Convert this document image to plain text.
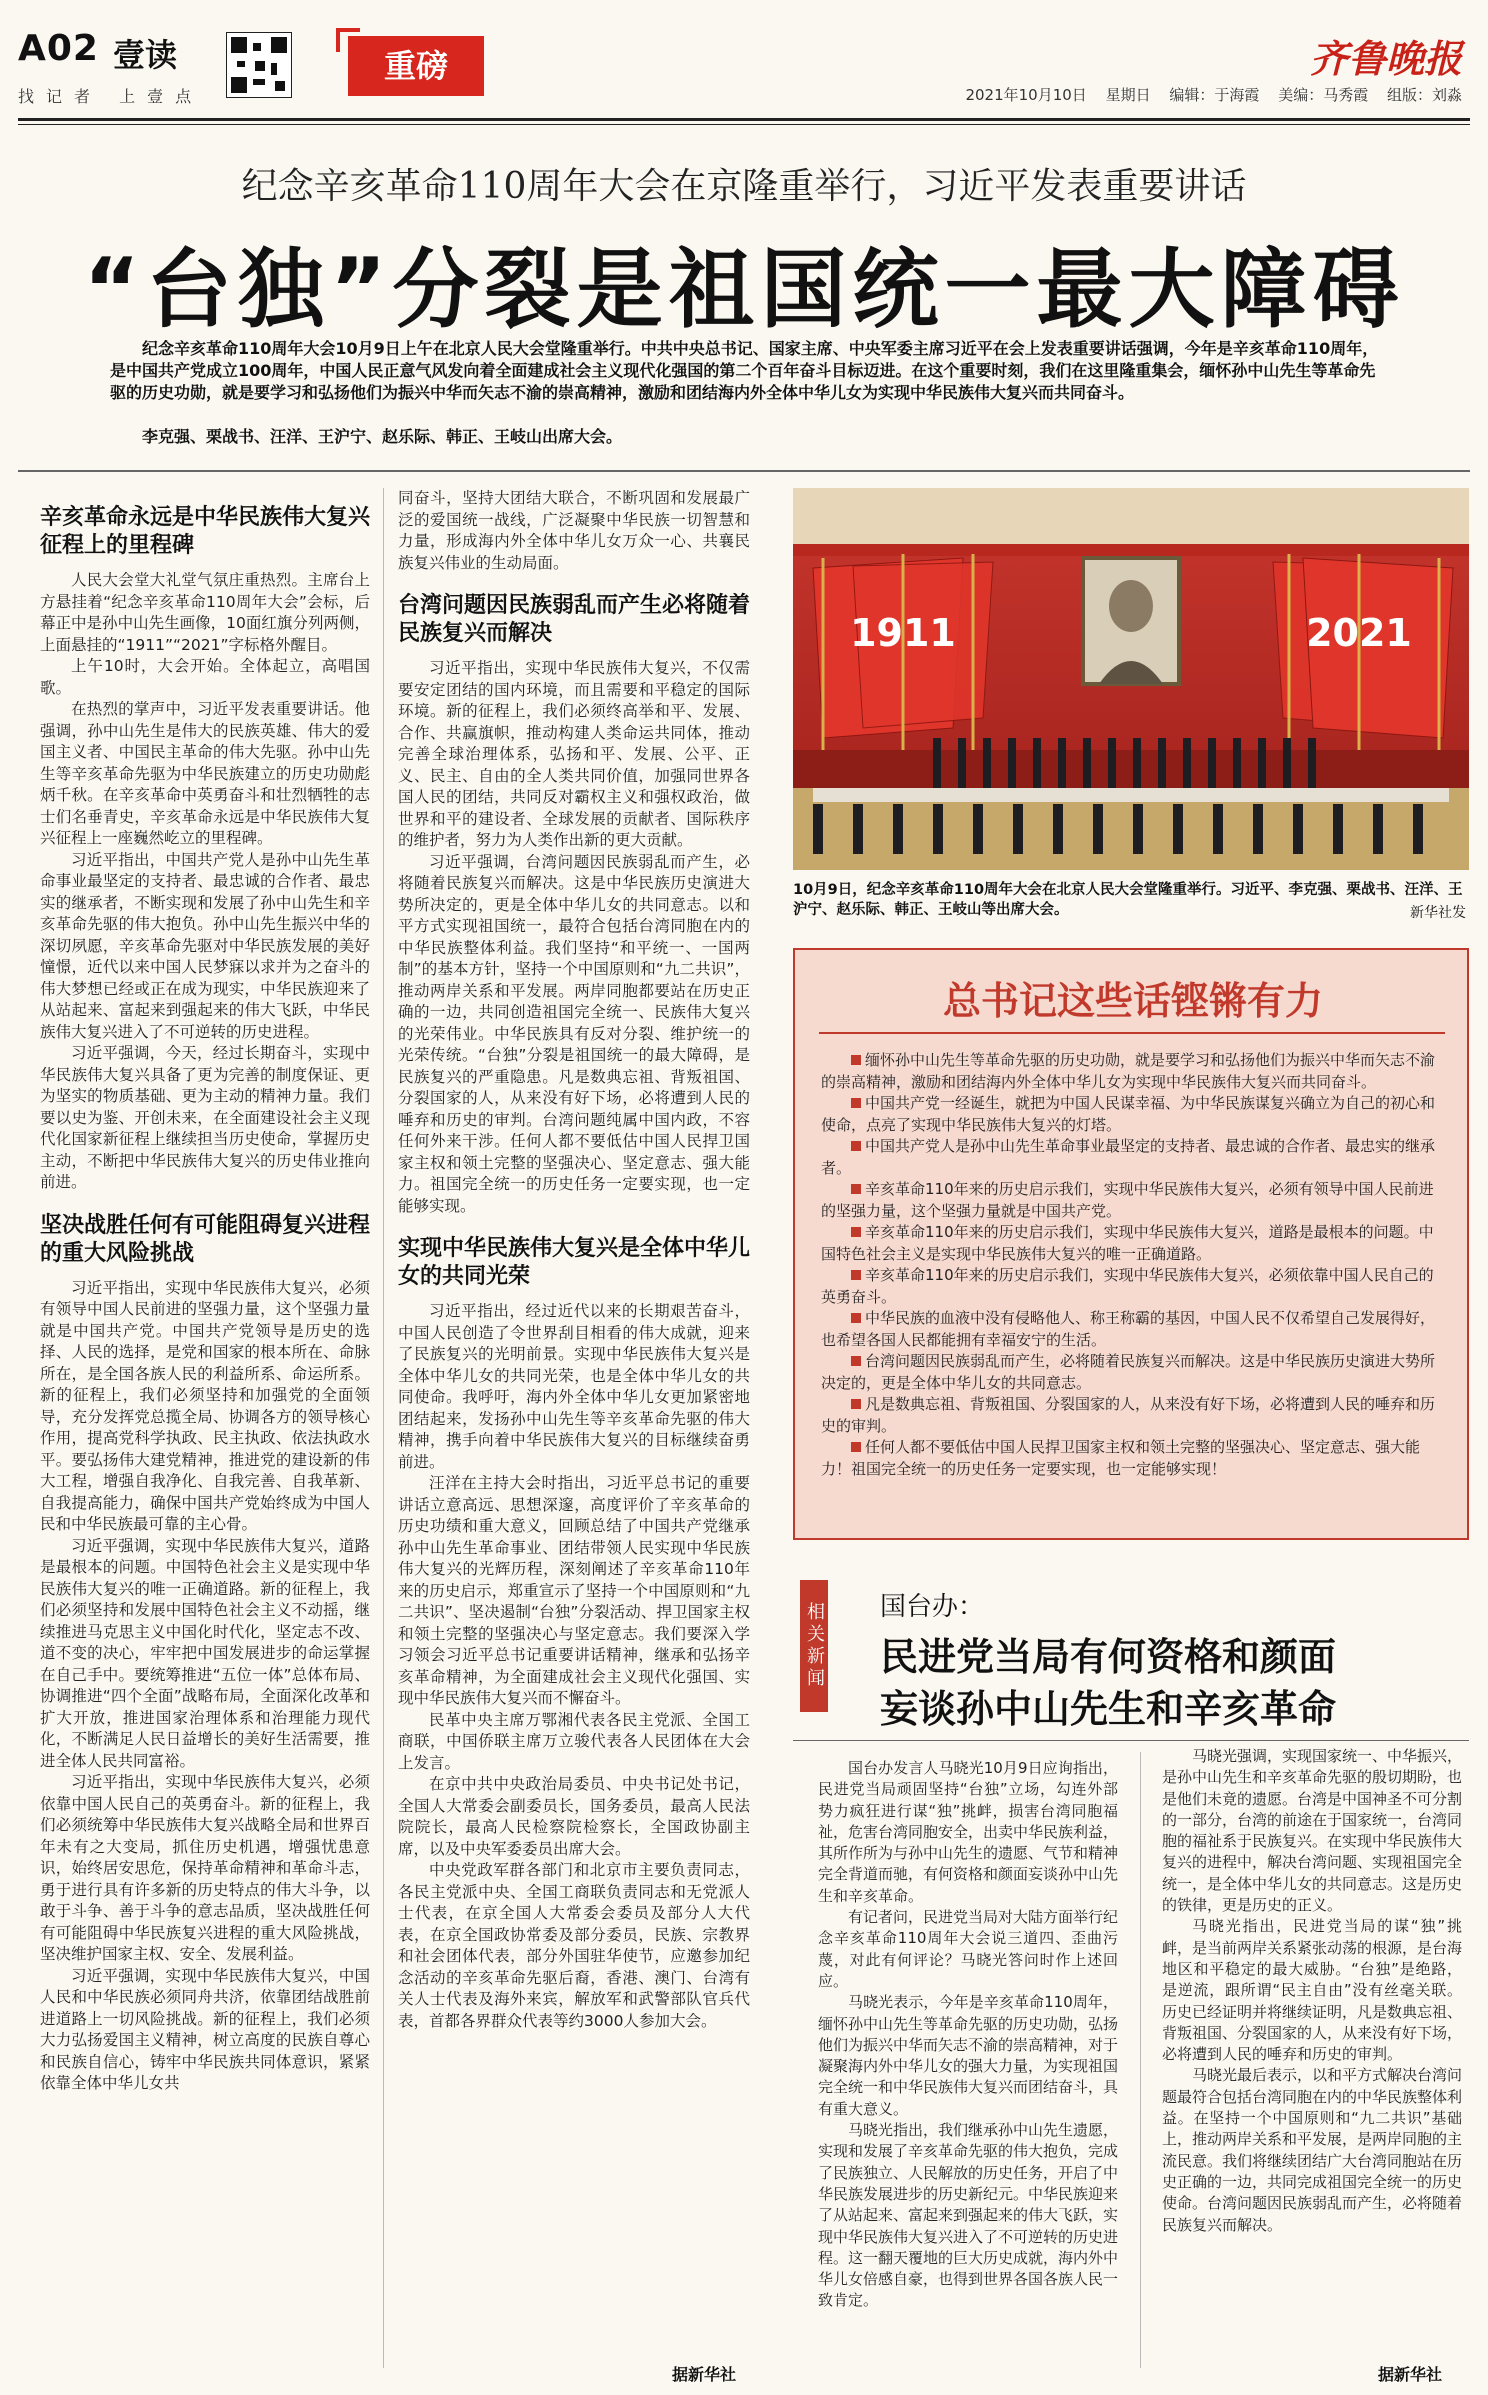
A02 壹读
找记者 上壹点
重磅	齐鲁晚报
2021年10月10日 星期日 编辑：于海霞 美编：马秀霞 组版：刘淼
纪念辛亥革命110周年大会在京隆重举行，习近平发表重要讲话
“台独”分裂是祖国统一最大障碍
纪念辛亥革命110周年大会10月9日上午在北京人民大会堂隆重举行。中共中央总书记、国家主席、中央军委主席习近平在会上发表重要讲话强调，今年是辛亥革命110周年，是中国共产党成立100周年，中国人民正意气风发向着全面建成社会主义现代化强国的第二个百年奋斗目标迈进。在这个重要时刻，我们在这里隆重集会，缅怀孙中山先生等革命先驱的历史功勋，就是要学习和弘扬他们为振兴中华而矢志不渝的崇高精神，激励和团结海内外全体中华儿女为实现中华民族伟大复兴而共同奋斗。
李克强、栗战书、汪洋、王沪宁、赵乐际、韩正、王岐山出席大会。
辛亥革命永远是中华民族伟大复兴征程上的里程碑

人民大会堂大礼堂气氛庄重热烈。主席台上方悬挂着“纪念辛亥革命110周年大会”会标，后幕正中是孙中山先生画像，10面红旗分列两侧，上面悬挂的“1911”“2021”字标格外醒目。

上午10时，大会开始。全体起立，高唱国歌。

在热烈的掌声中，习近平发表重要讲话。他强调，孙中山先生是伟大的民族英雄、伟大的爱国主义者、中国民主革命的伟大先驱。孙中山先生等辛亥革命先驱为中华民族建立的历史功勋彪炳千秋。在辛亥革命中英勇奋斗和壮烈牺牲的志士们名垂青史，辛亥革命永远是中华民族伟大复兴征程上一座巍然屹立的里程碑。

习近平指出，中国共产党人是孙中山先生革命事业最坚定的支持者、最忠诚的合作者、最忠实的继承者，不断实现和发展了孙中山先生和辛亥革命先驱的伟大抱负。孙中山先生振兴中华的深切夙愿，辛亥革命先驱对中华民族发展的美好憧憬，近代以来中国人民梦寐以求并为之奋斗的伟大梦想已经或正在成为现实，中华民族迎来了从站起来、富起来到强起来的伟大飞跃，中华民族伟大复兴进入了不可逆转的历史进程。

习近平强调，今天，经过长期奋斗，实现中华民族伟大复兴具备了更为完善的制度保证、更为坚实的物质基础、更为主动的精神力量。我们要以史为鉴、开创未来，在全面建设社会主义现代化国家新征程上继续担当历史使命，掌握历史主动，不断把中华民族伟大复兴的历史伟业推向前进。

坚决战胜任何有可能阻碍复兴进程的重大风险挑战

习近平指出，实现中华民族伟大复兴，必须有领导中国人民前进的坚强力量，这个坚强力量就是中国共产党。中国共产党领导是历史的选择、人民的选择，是党和国家的根本所在、命脉所在，是全国各族人民的利益所系、命运所系。新的征程上，我们必须坚持和加强党的全面领导，充分发挥党总揽全局、协调各方的领导核心作用，提高党科学执政、民主执政、依法执政水平。要弘扬伟大建党精神，推进党的建设新的伟大工程，增强自我净化、自我完善、自我革新、自我提高能力，确保中国共产党始终成为中国人民和中华民族最可靠的主心骨。

习近平强调，实现中华民族伟大复兴，道路是最根本的问题。中国特色社会主义是实现中华民族伟大复兴的唯一正确道路。新的征程上，我们必须坚持和发展中国特色社会主义不动摇，继续推进马克思主义中国化时代化，坚定志不改、道不变的决心，牢牢把中国发展进步的命运掌握在自己手中。要统筹推进“五位一体”总体布局、协调推进“四个全面”战略布局，全面深化改革和扩大开放，推进国家治理体系和治理能力现代化，不断满足人民日益增长的美好生活需要，推进全体人民共同富裕。

习近平指出，实现中华民族伟大复兴，必须依靠中国人民自己的英勇奋斗。新的征程上，我们必须统筹中华民族伟大复兴战略全局和世界百年未有之大变局，抓住历史机遇，增强忧患意识，始终居安思危，保持革命精神和革命斗志，勇于进行具有许多新的历史特点的伟大斗争，以敢于斗争、善于斗争的意志品质，坚决战胜任何有可能阻碍中华民族复兴进程的重大风险挑战，坚决维护国家主权、安全、发展利益。

习近平强调，实现中华民族伟大复兴，中国人民和中华民族必须同舟共济，依靠团结战胜前进道路上一切风险挑战。新的征程上，我们必须大力弘扬爱国主义精神，树立高度的民族自尊心和民族自信心，铸牢中华民族共同体意识，紧紧依靠全体中华儿女共

同奋斗，坚持大团结大联合，不断巩固和发展最广泛的爱国统一战线，广泛凝聚中华民族一切智慧和力量，形成海内外全体中华儿女万众一心、共襄民族复兴伟业的生动局面。

台湾问题因民族弱乱而产生必将随着民族复兴而解决

习近平指出，实现中华民族伟大复兴，不仅需要安定团结的国内环境，而且需要和平稳定的国际环境。新的征程上，我们必须终高举和平、发展、合作、共赢旗帜，推动构建人类命运共同体，推动完善全球治理体系，弘扬和平、发展、公平、正义、民主、自由的全人类共同价值，加强同世界各国人民的团结，共同反对霸权主义和强权政治，做世界和平的建设者、全球发展的贡献者、国际秩序的维护者，努力为人类作出新的更大贡献。

习近平强调，台湾问题因民族弱乱而产生，必将随着民族复兴而解决。这是中华民族历史演进大势所决定的，更是全体中华儿女的共同意志。以和平方式实现祖国统一，最符合包括台湾同胞在内的中华民族整体利益。我们坚持“和平统一、一国两制”的基本方针，坚持一个中国原则和“九二共识”，推动两岸关系和平发展。两岸同胞都要站在历史正确的一边，共同创造祖国完全统一、民族伟大复兴的光荣伟业。中华民族具有反对分裂、维护统一的光荣传统。“台独”分裂是祖国统一的最大障碍，是民族复兴的严重隐患。凡是数典忘祖、背叛祖国、分裂国家的人，从来没有好下场，必将遭到人民的唾弃和历史的审判。台湾问题纯属中国内政，不容任何外来干涉。任何人都不要低估中国人民捍卫国家主权和领土完整的坚强决心、坚定意志、强大能力。祖国完全统一的历史任务一定要实现，也一定能够实现。

实现中华民族伟大复兴是全体中华儿女的共同光荣

习近平指出，经过近代以来的长期艰苦奋斗，中国人民创造了令世界刮目相看的伟大成就，迎来了民族复兴的光明前景。实现中华民族伟大复兴是全体中华儿女的共同光荣，也是全体中华儿女的共同使命。我呼吁，海内外全体中华儿女更加紧密地团结起来，发扬孙中山先生等辛亥革命先驱的伟大精神，携手向着中华民族伟大复兴的目标继续奋勇前进。

汪洋在主持大会时指出，习近平总书记的重要讲话立意高远、思想深邃，高度评价了辛亥革命的历史功绩和重大意义，回顾总结了中国共产党继承孙中山先生革命事业、团结带领人民实现中华民族伟大复兴的光辉历程，深刻阐述了辛亥革命110年来的历史启示，郑重宣示了坚持一个中国原则和“九二共识”、坚决遏制“台独”分裂活动、捍卫国家主权和领土完整的坚强决心与坚定意志。我们要深入学习领会习近平总书记重要讲话精神，继承和弘扬辛亥革命精神，为全面建成社会主义现代化强国、实现中华民族伟大复兴而不懈奋斗。

民革中央主席万鄂湘代表各民主党派、全国工商联，中国侨联主席万立骏代表各人民团体在大会上发言。

在京中共中央政治局委员、中央书记处书记，全国人大常委会副委员长，国务委员，最高人民法院院长，最高人民检察院检察长，全国政协副主席，以及中央军委委员出席大会。

中央党政军群各部门和北京市主要负责同志，各民主党派中央、全国工商联负责同志和无党派人士代表，在京全国人大常委会委员及部分人大代表，在京全国政协常委及部分委员，民族、宗教界和社会团体代表，部分外国驻华使节，应邀参加纪念活动的辛亥革命先驱后裔，香港、澳门、台湾有关人士代表及海外来宾，解放军和武警部队官兵代表，首都各界群众代表等约3000人参加大会。

据新华社
1911	2021
10月9日，纪念辛亥革命110周年大会在北京人民大会堂隆重举行。习近平、李克强、栗战书、汪洋、王沪宁、赵乐际、韩正、王岐山等出席大会。	新华社发
总书记这些话铿锵有力
缅怀孙中山先生等革命先驱的历史功勋，就是要学习和弘扬他们为振兴中华而矢志不渝的崇高精神，激励和团结海内外全体中华儿女为实现中华民族伟大复兴而共同奋斗。
中国共产党一经诞生，就把为中国人民谋幸福、为中华民族谋复兴确立为自己的初心和使命，点亮了实现中华民族伟大复兴的灯塔。
中国共产党人是孙中山先生革命事业最坚定的支持者、最忠诚的合作者、最忠实的继承者。
辛亥革命110年来的历史启示我们，实现中华民族伟大复兴，必须有领导中国人民前进的坚强力量，这个坚强力量就是中国共产党。
辛亥革命110年来的历史启示我们，实现中华民族伟大复兴，道路是最根本的问题。中国特色社会主义是实现中华民族伟大复兴的唯一正确道路。
辛亥革命110年来的历史启示我们，实现中华民族伟大复兴，必须依靠中国人民自己的英勇奋斗。
中华民族的血液中没有侵略他人、称王称霸的基因，中国人民不仅希望自己发展得好，也希望各国人民都能拥有幸福安宁的生活。
台湾问题因民族弱乱而产生，必将随着民族复兴而解决。这是中华民族历史演进大势所决定的，更是全体中华儿女的共同意志。
凡是数典忘祖、背叛祖国、分裂国家的人，从来没有好下场，必将遭到人民的唾弃和历史的审判。
任何人都不要低估中国人民捍卫国家主权和领土完整的坚强决心、坚定意志、强大能力！祖国完全统一的历史任务一定要实现，也一定能够实现！
相关新闻 国台办：
民进党当局有何资格和颜面
妄谈孙中山先生和辛亥革命

国台办发言人马晓光10月9日应询指出，民进党当局顽固坚持“台独”立场，勾连外部势力疯狂进行谋“独”挑衅，损害台湾同胞福祉，危害台湾同胞安全，出卖中华民族利益，其所作所为与孙中山先生的遗愿、气节和精神完全背道而驰，有何资格和颜面妄谈孙中山先生和辛亥革命。

有记者问，民进党当局对大陆方面举行纪念辛亥革命110周年大会说三道四、歪曲污蔑，对此有何评论？马晓光答问时作上述回应。

马晓光表示，今年是辛亥革命110周年，缅怀孙中山先生等革命先驱的历史功勋，弘扬他们为振兴中华而矢志不渝的崇高精神，对于凝聚海内外中华儿女的强大力量，为实现祖国完全统一和中华民族伟大复兴而团结奋斗，具有重大意义。

马晓光指出，我们继承孙中山先生遗愿，实现和发展了辛亥革命先驱的伟大抱负，完成了民族独立、人民解放的历史任务，开启了中华民族发展进步的历史新纪元。中华民族迎来了从站起来、富起来到强起来的伟大飞跃，实现中华民族伟大复兴进入了不可逆转的历史进程。这一翻天覆地的巨大历史成就，海内外中华儿女倍感自豪，也得到世界各国各族人民一致肯定。

马晓光强调，实现国家统一、中华振兴，是孙中山先生和辛亥革命先驱的殷切期盼，也是他们未竟的遗愿。台湾是中国神圣不可分割的一部分，台湾的前途在于国家统一，台湾同胞的福祉系于民族复兴。在实现中华民族伟大复兴的进程中，解决台湾问题、实现祖国完全统一，是全体中华儿女的共同意志。这是历史的铁律，更是历史的正义。

马晓光指出，民进党当局的谋“独”挑衅，是当前两岸关系紧张动荡的根源，是台海地区和平稳定的最大威胁。“台独”是绝路，是逆流，跟所谓“民主自由”没有丝毫关联。历史已经证明并将继续证明，凡是数典忘祖、背叛祖国、分裂国家的人，从来没有好下场，必将遭到人民的唾弃和历史的审判。

马晓光最后表示，以和平方式解决台湾问题最符合包括台湾同胞在内的中华民族整体利益。在坚持一个中国原则和“九二共识”基础上，推动两岸关系和平发展，是两岸同胞的主流民意。我们将继续团结广大台湾同胞站在历史正确的一边，共同完成祖国完全统一的历史使命。台湾问题因民族弱乱而产生，必将随着民族复兴而解决。

据新华社
